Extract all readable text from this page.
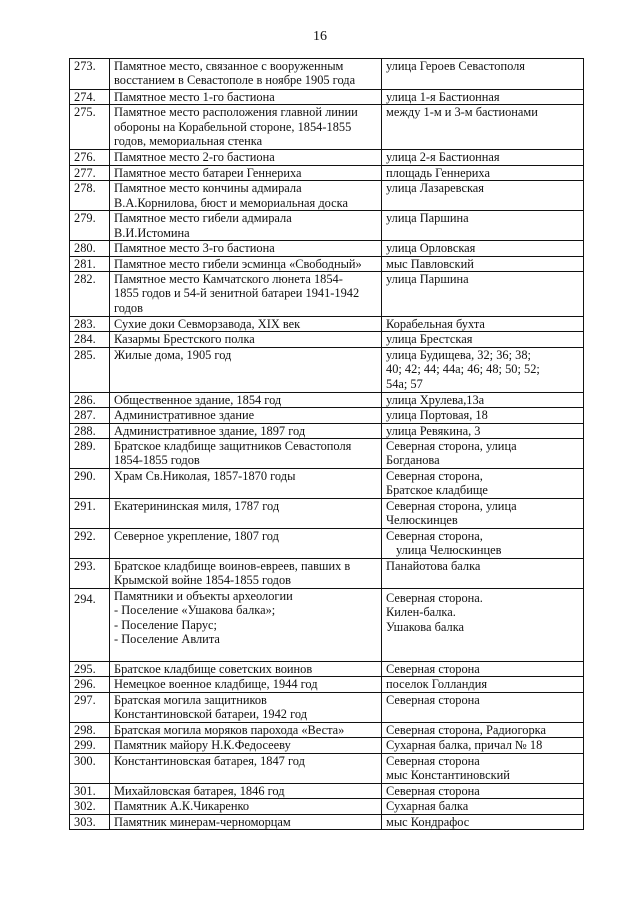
16
273.	Памятное место, связанное с вооруженным
восстанием в Севастополе в ноябре 1905 года	улица Героев Севастополя

274.	Памятное место 1-го бастиона	улица 1-я Бастионная

275.	Памятное место расположения главной линии
обороны на Корабельной стороне, 1854-1855
годов, мемориальная стенка	между 1-м и 3-м бастионами

276.	Памятное место 2-го бастиона	улица 2-я Бастионная

277.	Памятное место батареи Геннериха	площадь Геннериха

278.	Памятное место кончины адмирала
В.А.Корнилова, бюст и мемориальная доска	улица Лазаревская

279.	Памятное место гибели адмирала
В.И.Истомина	улица Паршина

280.	Памятное место 3-го бастиона	улица Орловская

281.	Памятное место гибели эсминца «Свободный»	мыс Павловский

282.	Памятное место Камчатского люнета 1854-
1855 годов и 54-й зенитной батареи 1941-1942
годов	улица Паршина

283.	Сухие доки Севморзавода, XIX век	Корабельная бухта

284.	Казармы Брестского полка	улица Брестская

285.	Жилые дома, 1905 год	улица Будищева, 32; 36; 38;
40; 42; 44; 44а; 46; 48; 50; 52;
54а; 57

286.	Общественное здание, 1854 год	улица Хрулева,13а

287.	Административное здание	улица Портовая, 18

288.	Административное здание, 1897 год	улица Ревякина, 3

289.	Братское кладбище защитников Севастополя
1854-1855 годов	Северная сторона, улица
Богданова

290.	Храм Св.Николая, 1857-1870 годы	Северная сторона,
Братское кладбище

291.	Екатерининская миля, 1787 год	Северная сторона, улица
Челюскинцев

292.	Северное укрепление, 1807 год	Северная сторона,
улица Челюскинцев

293.	Братское кладбище воинов-евреев, павших в
Крымской войне 1854-1855 годов	Панайотова балка

294.	Памятники и объекты археологии
- Поселение «Ушакова балка»;
- Поселение Парус;
- Поселение Авлита	Северная сторона.
Килен-балка.
Ушакова балка

295.	Братское кладбище советских воинов	Северная сторона

296.	Немецкое военное кладбище, 1944 год	поселок Голландия

297.	Братская могила защитников
Константиновской батареи, 1942 год	Северная сторона

298.	Братская могила моряков парохода «Веста»	Северная сторона, Радиогорка

299.	Памятник майору Н.К.Федосееву	Сухарная балка, причал № 18

300.	Константиновская батарея, 1847 год	Северная сторона
мыс Константиновский

301.	Михайловская батарея, 1846 год	Северная сторона

302.	Памятник А.К.Чикаренко	Сухарная балка

303.	Памятник минерам-черноморцам	мыс Кондрафос
